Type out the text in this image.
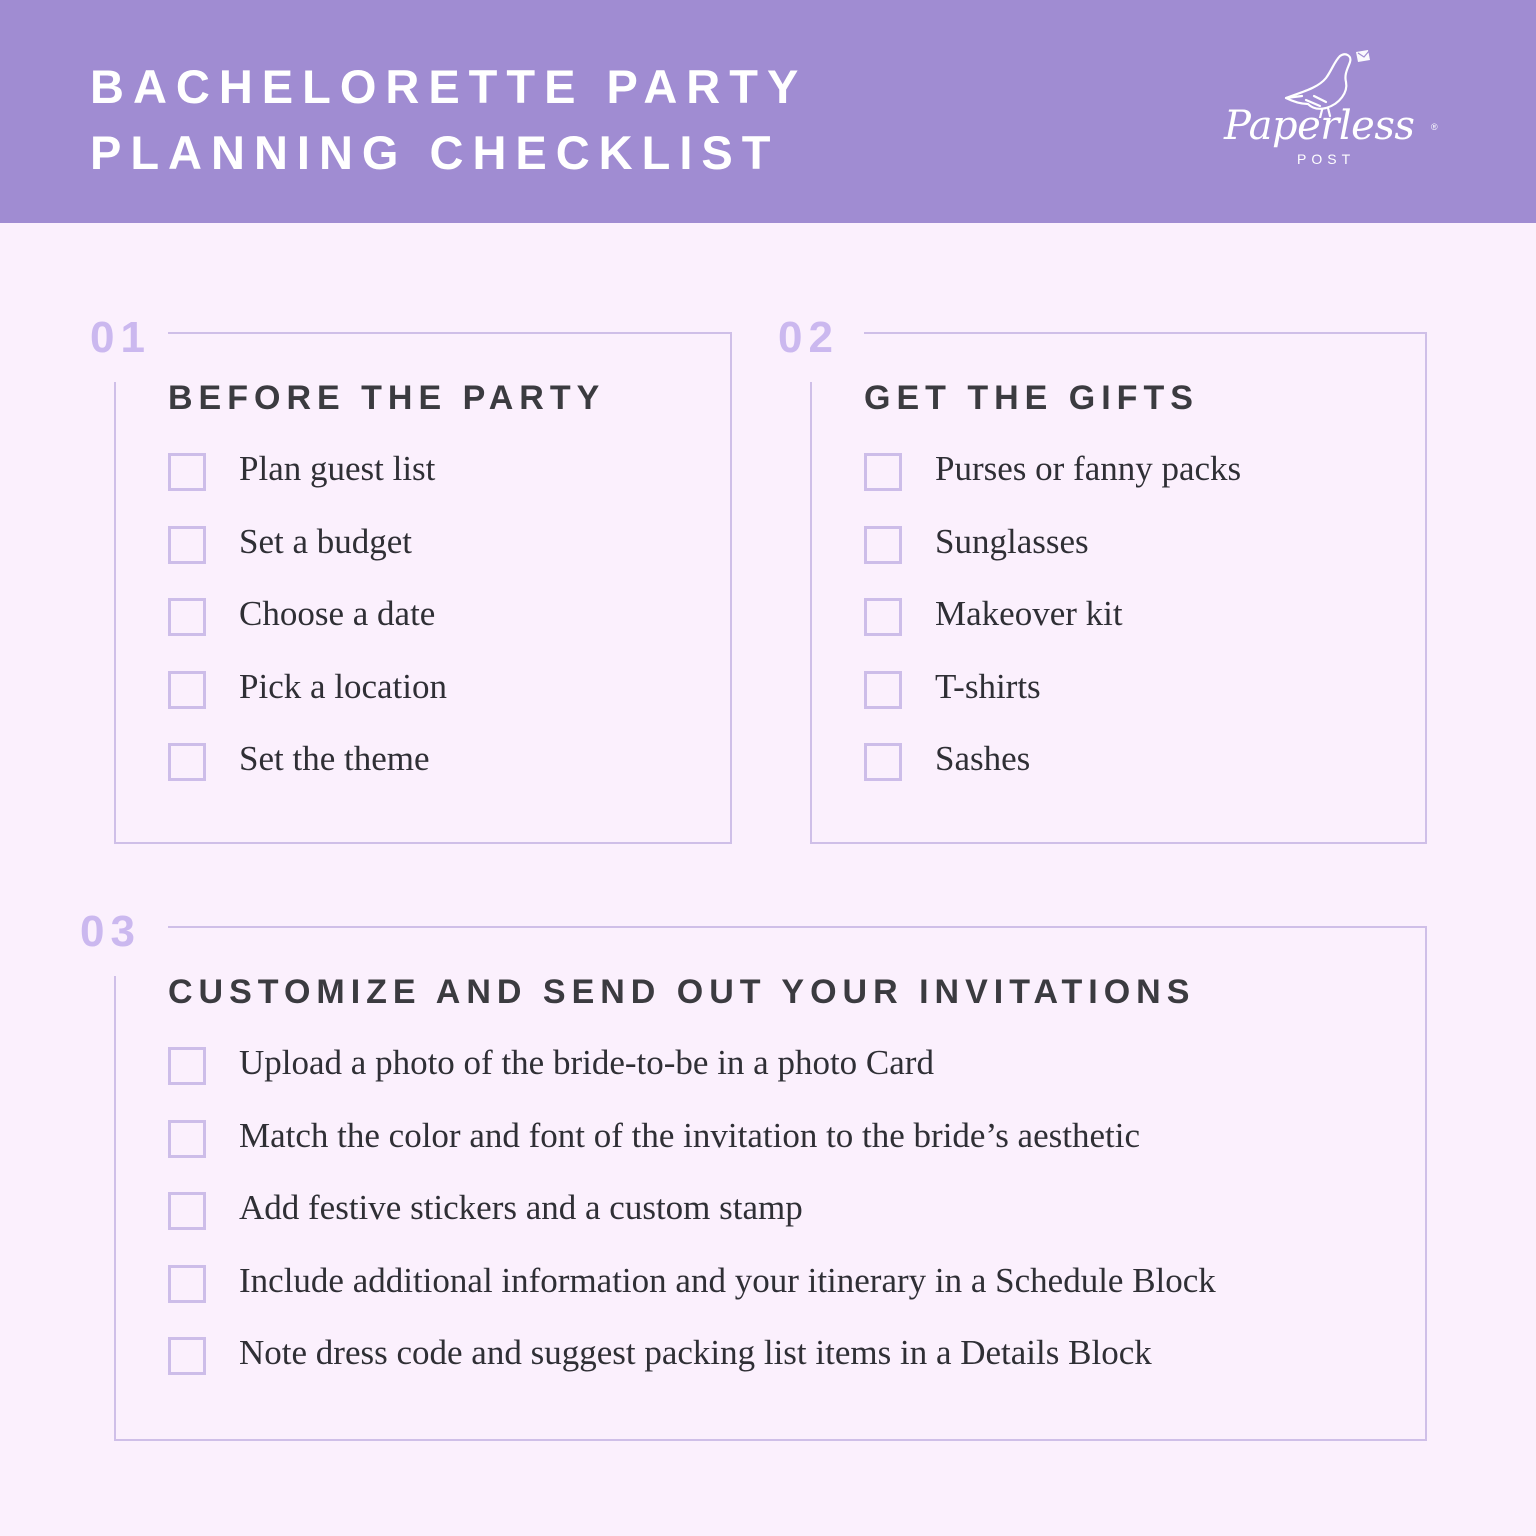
BACHELORETTE PARTY
PLANNING CHECKLIST	Paperless ®
POST
01
BEFORE THE PARTY
Plan guest list
Set a budget
Choose a date
Pick a location
Set the theme
02
GET THE GIFTS
Purses or fanny packs
Sunglasses
Makeover kit
T-shirts
Sashes
03
CUSTOMIZE AND SEND OUT YOUR INVITATIONS
Upload a photo of the bride-to-be in a photo Card
Match the color and font of the invitation to the bride’s aesthetic
Add festive stickers and a custom stamp
Include additional information and your itinerary in a Schedule Block
Note dress code and suggest packing list items in a Details Block
